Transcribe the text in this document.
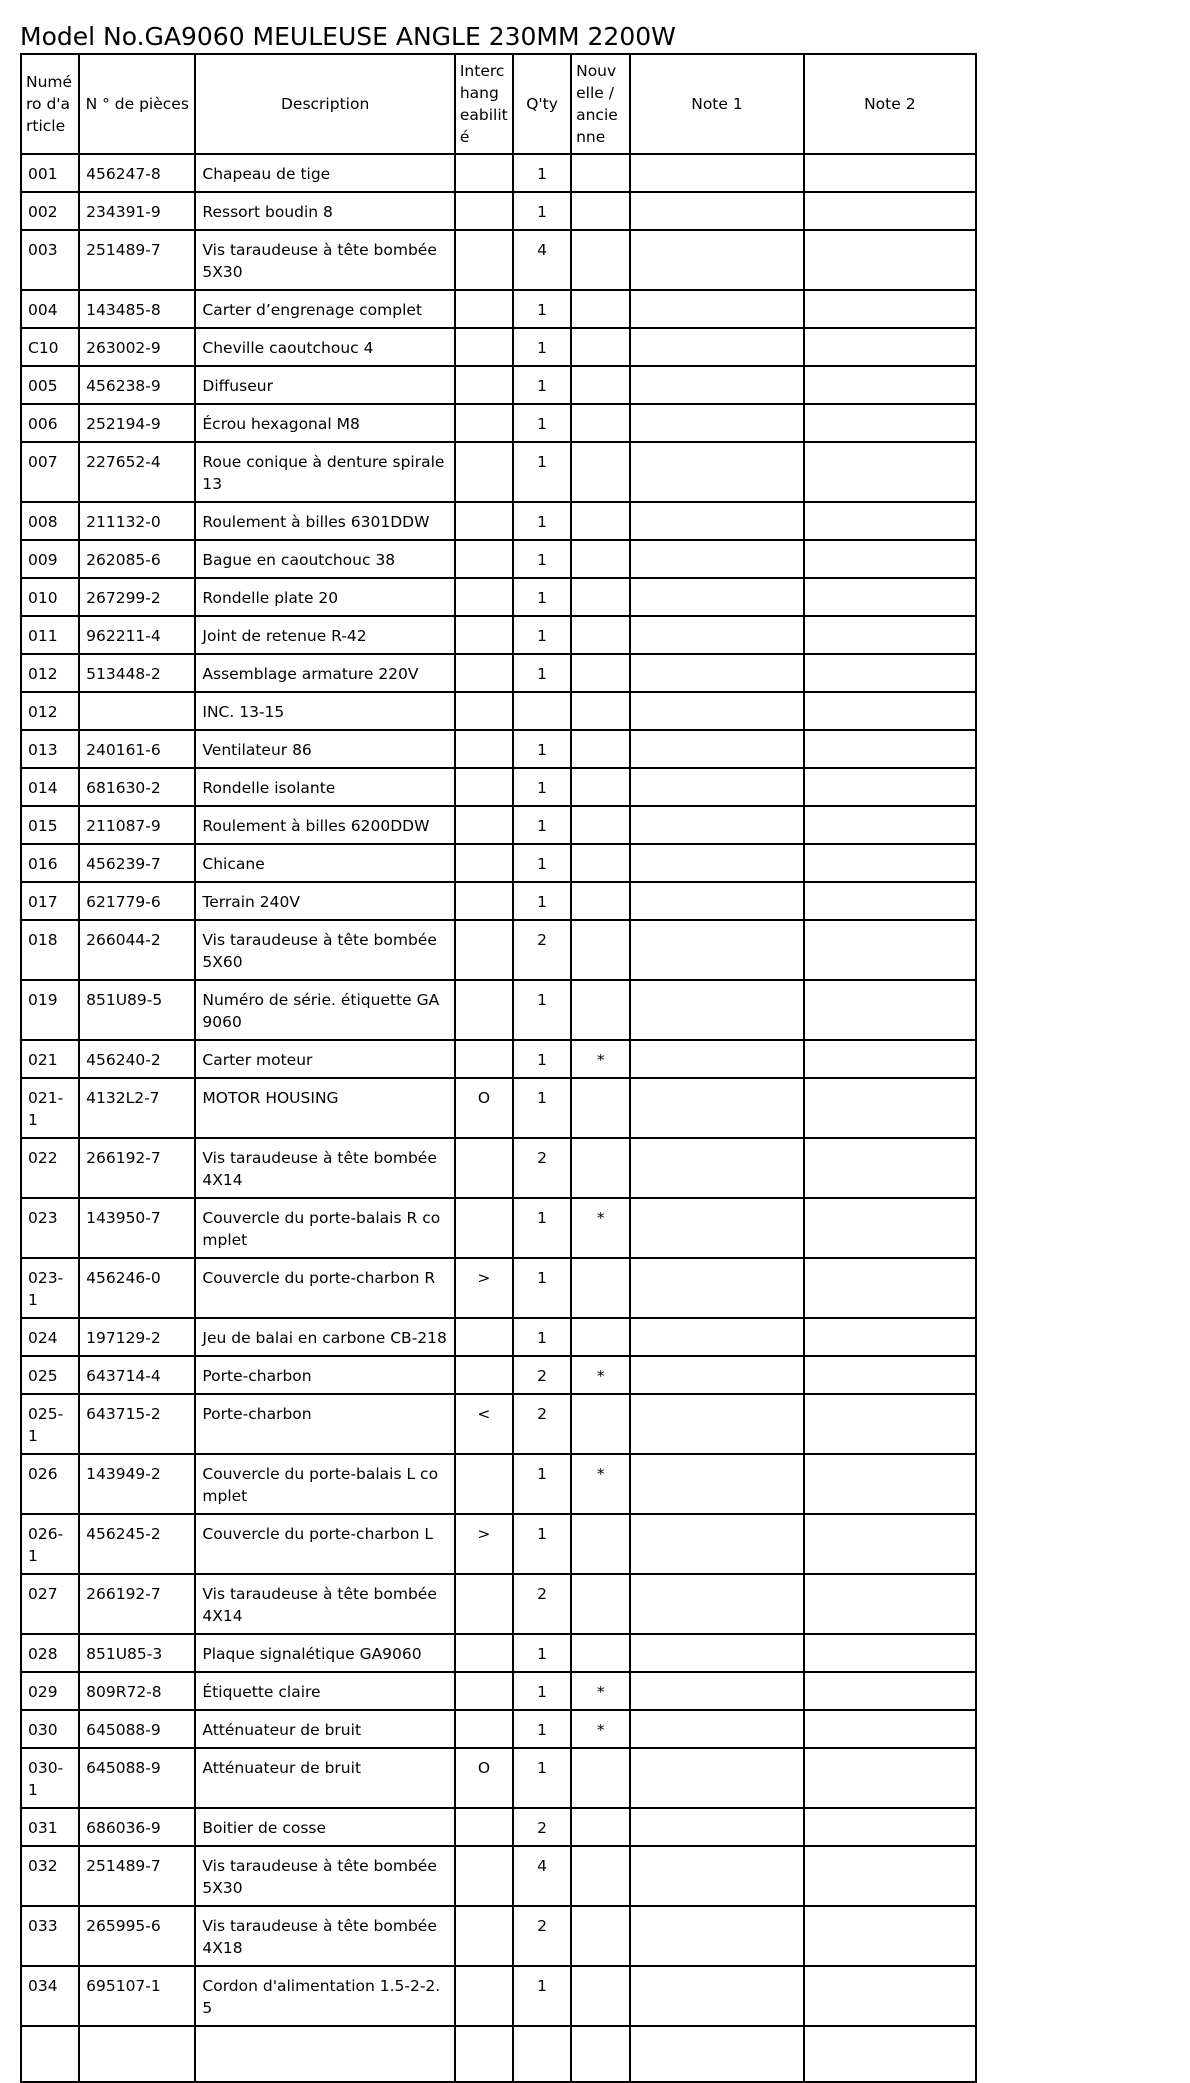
Model No.GA9060 MEULEUSE ANGLE 230MM 2200W
Numéro d'article	N ° de pièces	Description	Interchangeabilité	Q'ty	Nouvelle / ancienne	Note 1	Note 2
001	456247-8	Chapeau de tige		1			
002	234391-9	Ressort boudin 8		1			
003	251489-7	Vis taraudeuse à tête bombée 5X30		4			
004	143485-8	Carter d’engrenage complet		1			
C10	263002-9	Cheville caoutchouc 4		1			
005	456238-9	Diffuseur		1			
006	252194-9	Écrou hexagonal M8		1			
007	227652-4	Roue conique à denture spirale 13		1			
008	211132-0	Roulement à billes 6301DDW		1			
009	262085-6	Bague en caoutchouc 38		1			
010	267299-2	Rondelle plate 20		1			
011	962211-4	Joint de retenue R-42		1			
012	513448-2	Assemblage armature 220V		1			
012		INC. 13-15					
013	240161-6	Ventilateur 86		1			
014	681630-2	Rondelle isolante		1			
015	211087-9	Roulement à billes 6200DDW		1			
016	456239-7	Chicane		1			
017	621779-6	Terrain 240V		1			
018	266044-2	Vis taraudeuse à tête bombée 5X60		2			
019	851U89-5	Numéro de série. étiquette GA9060		1			
021	456240-2	Carter moteur		1	*		
021-1	4132L2-7	MOTOR HOUSING	O	1			
022	266192-7	Vis taraudeuse à tête bombée 4X14		2			
023	143950-7	Couvercle du porte-balais R complet		1	*		
023-1	456246-0	Couvercle du porte-charbon R	>	1			
024	197129-2	Jeu de balai en carbone CB-218		1			
025	643714-4	Porte-charbon		2	*		
025-1	643715-2	Porte-charbon	<	2			
026	143949-2	Couvercle du porte-balais L complet		1	*		
026-1	456245-2	Couvercle du porte-charbon L	>	1			
027	266192-7	Vis taraudeuse à tête bombée 4X14		2			
028	851U85-3	Plaque signalétique GA9060		1			
029	809R72-8	Étiquette claire		1	*		
030	645088-9	Atténuateur de bruit		1	*		
030-1	645088-9	Atténuateur de bruit	O	1			
031	686036-9	Boitier de cosse		2			
032	251489-7	Vis taraudeuse à tête bombée 5X30		4			
033	265995-6	Vis taraudeuse à tête bombée 4X18		2			
034	695107-1	Cordon d'alimentation 1.5-2-2.5		1			
